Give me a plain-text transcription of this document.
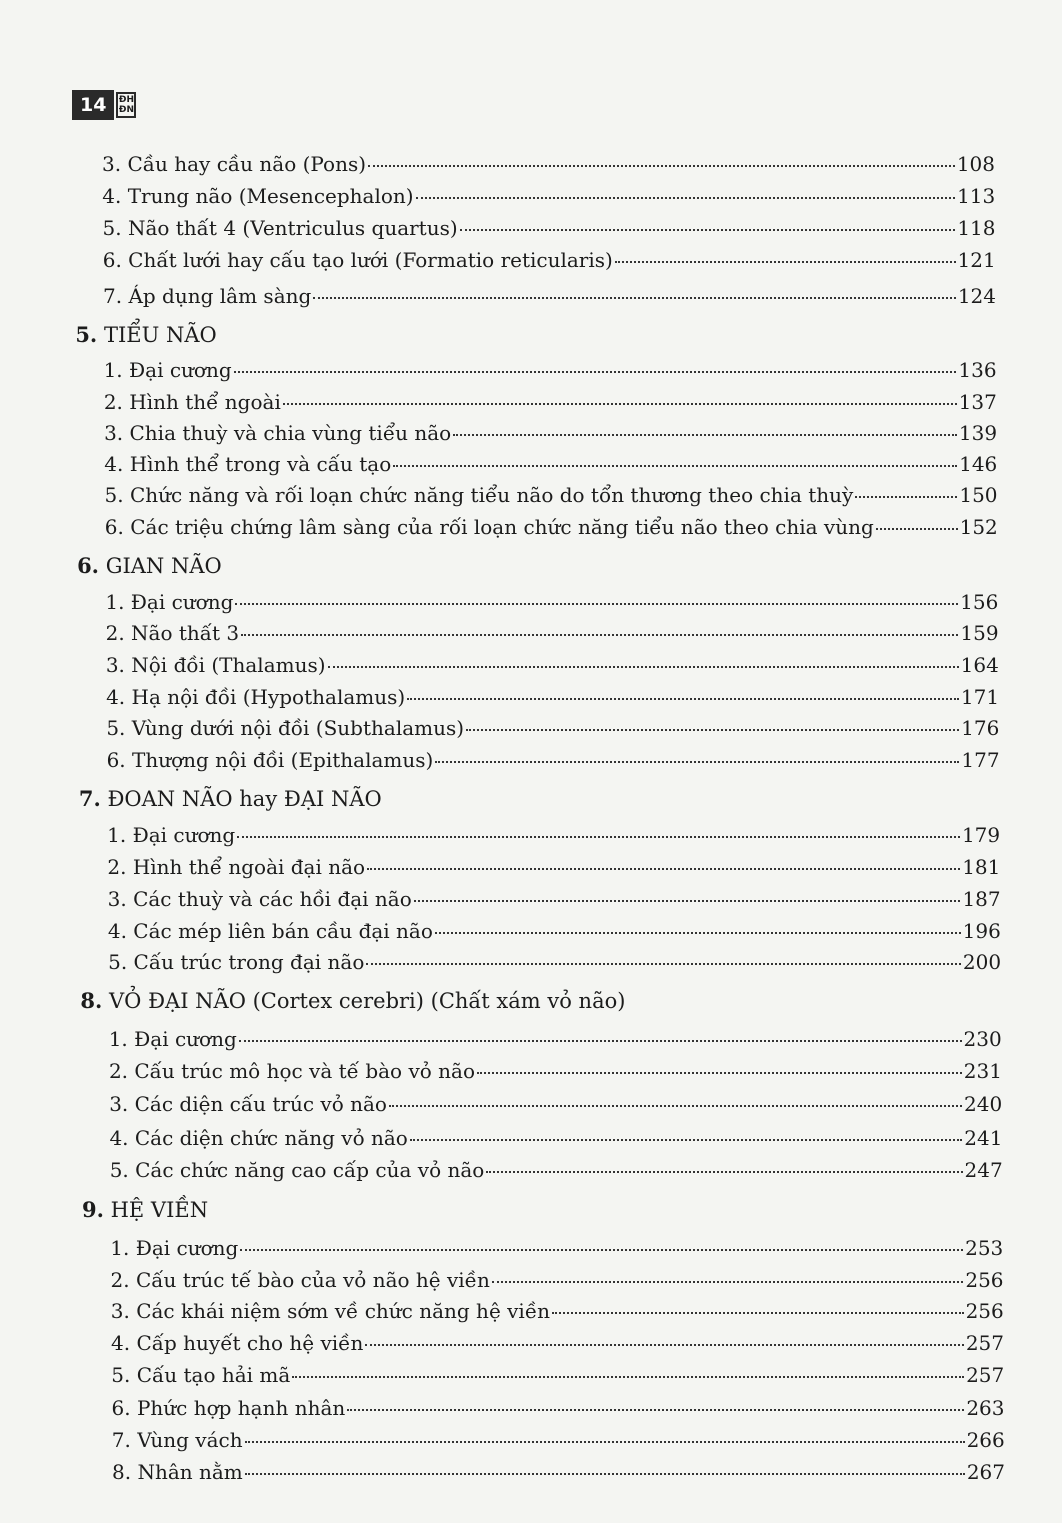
14	ĐH
ĐN
3. Cầu hay cầu não (Pons)	108
4. Trung não (Mesencephalon)	113
5. Não thất 4 (Ventriculus quartus)	118
6. Chất lưới hay cấu tạo lưới (Formatio reticularis)	121
7. Áp dụng lâm sàng	124
5. TIỂU NÃO
1. Đại cương	136
2. Hình thể ngoài	137
3. Chia thuỳ và chia vùng tiểu não	139
4. Hình thể trong và cấu tạo	146
5. Chức năng và rối loạn chức năng tiểu não do tổn thương theo chia thuỳ	150
6. Các triệu chứng lâm sàng của rối loạn chức năng tiểu não theo chia vùng	152
6. GIAN NÃO
1. Đại cương	156
2. Não thất 3	159
3. Nội đồi (Thalamus)	164
4. Hạ nội đồi (Hypothalamus)	171
5. Vùng dưới nội đồi (Subthalamus)	176
6. Thượng nội đồi (Epithalamus)	177
7. ĐOAN NÃO hay ĐẠI NÃO
1. Đại cương	179
2. Hình thể ngoài đại não	181
3. Các thuỳ và các hồi đại não	187
4. Các mép liên bán cầu đại não	196
5. Cấu trúc trong đại não	200
8. VỎ ĐẠI NÃO (Cortex cerebri) (Chất xám vỏ não)
1. Đại cương	230
2. Cấu trúc mô học và tế bào vỏ não	231
3. Các diện cấu trúc vỏ não	240
4. Các diện chức năng vỏ não	241
5. Các chức năng cao cấp của vỏ não	247
9. HỆ VIỀN
1. Đại cương	253
2. Cấu trúc tế bào của vỏ não hệ viền	256
3. Các khái niệm sớm về chức năng hệ viền	256
4. Cấp huyết cho hệ viền	257
5. Cấu tạo hải mã	257
6. Phức hợp hạnh nhân	263
7. Vùng vách	266
8. Nhân nằm	267
